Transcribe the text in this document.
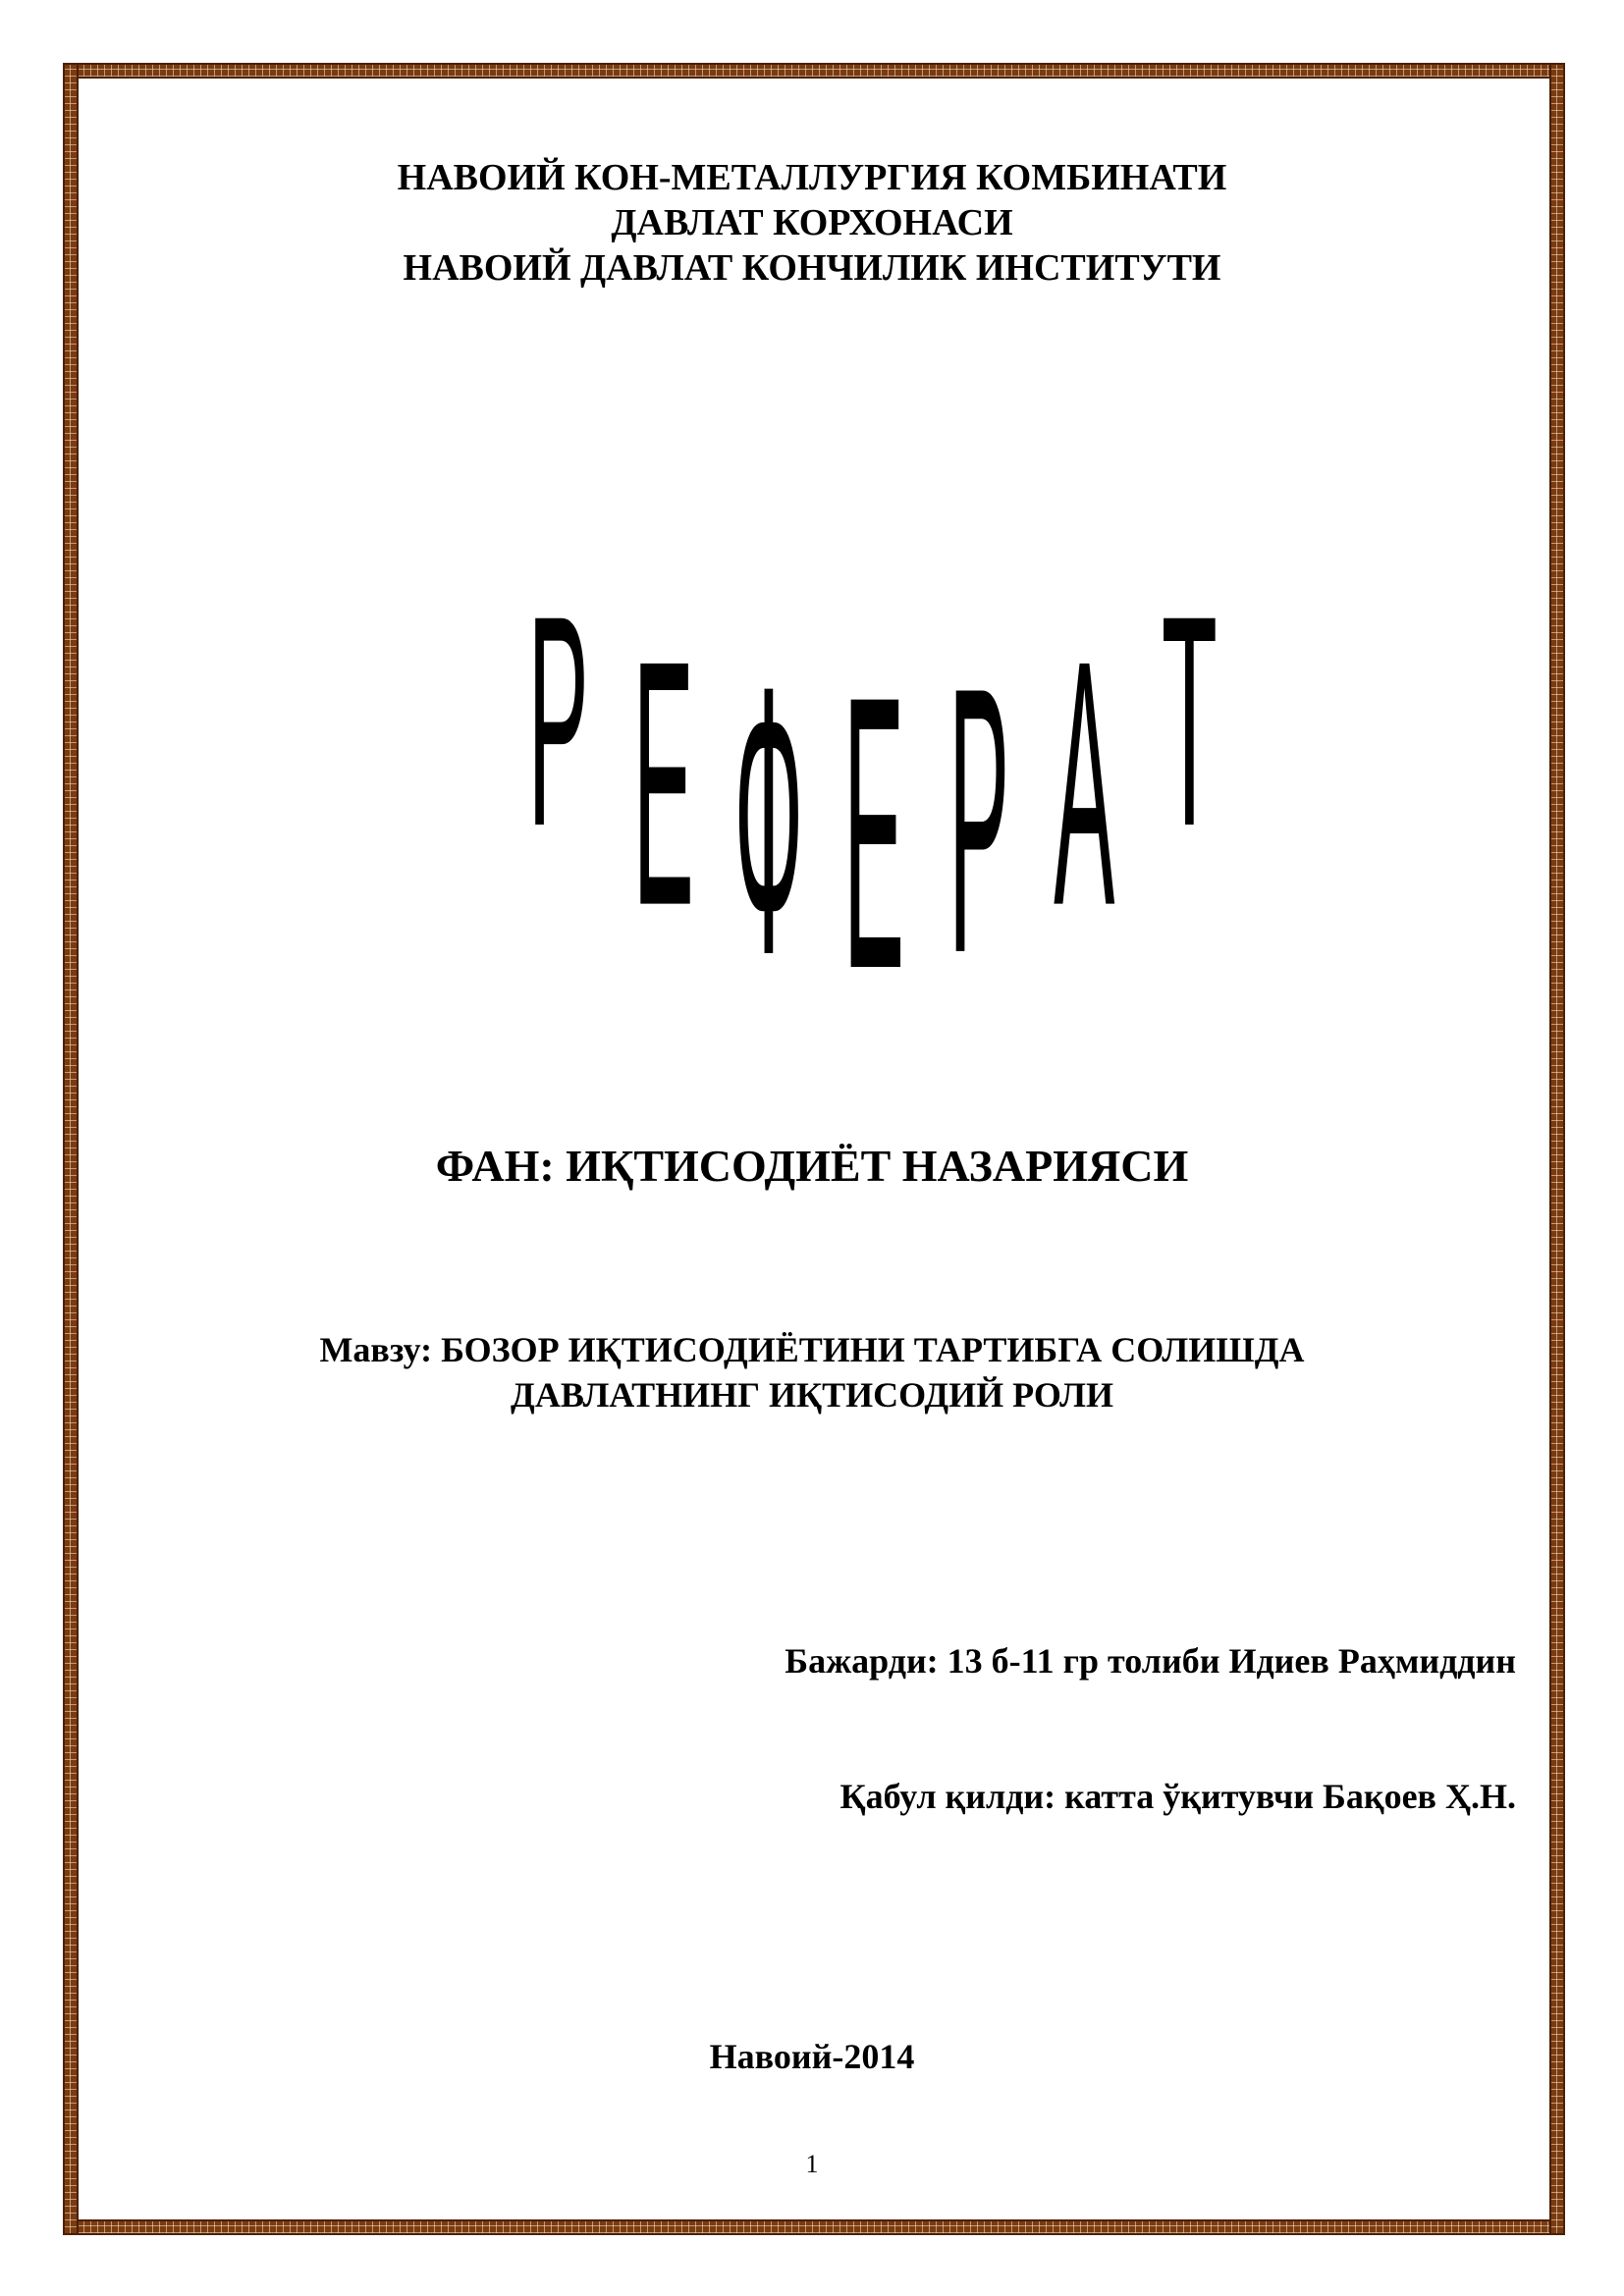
НАВОИЙ КОН-МЕТАЛЛУРГИЯ КОМБИНАТИ
ДАВЛАТ КОРХОНАСИ
НАВОИЙ ДАВЛАТ КОНЧИЛИК ИНСТИТУТИ
Р Е Ф Е Р А Т
ФАН: ИҚТИСОДИЁТ НАЗАРИЯСИ
Мавзу: БОЗОР ИҚТИСОДИЁТИНИ ТАРТИБГА СОЛИШДА
ДАВЛАТНИНГ ИҚТИСОДИЙ РОЛИ
Бажарди: 13 б-11 гр толиби Идиев Раҳмиддин
Қабул қилди: катта ўқитувчи Бақоев Ҳ.Н.
Навоий-2014
1
